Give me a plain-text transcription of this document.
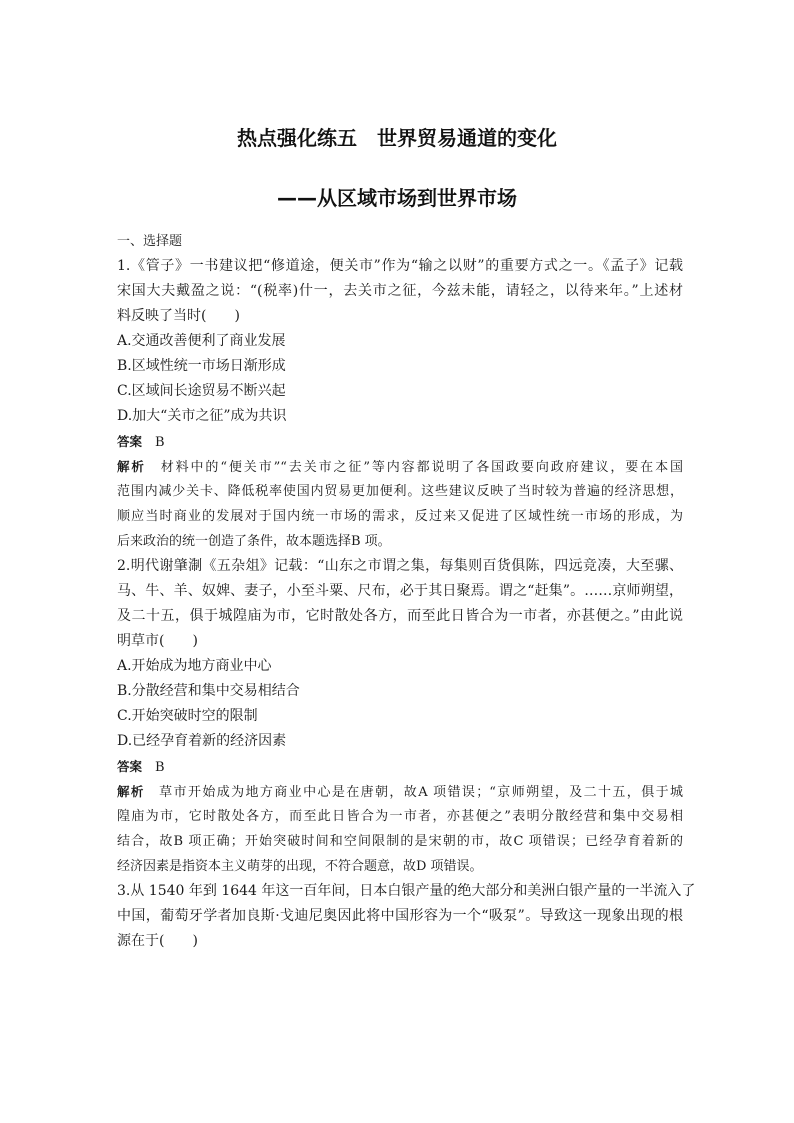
热点强化练五　世界贸易通道的变化
——从区域市场到世界市场
一、选择题
1.《管子》一书建议把“修道途，便关市”作为“输之以财”的重要方式之一。《孟子》记载
宋国大夫戴盈之说：“(税率)什一，去关市之征，今兹未能，请轻之，以待来年。”上述材
料反映了当时(　　)
A.交通改善便利了商业发展
B.区域性统一市场日渐形成
C.区域间长途贸易不断兴起
D.加大“关市之征”成为共识
答案 B
解析 材料中的“便关市”“去关市之征”等内容都说明了各国政要向政府建议，要在本国
范围内减少关卡、降低税率使国内贸易更加便利。这些建议反映了当时较为普遍的经济思想，
顺应当时商业的发展对于国内统一市场的需求，反过来又促进了区域性统一市场的形成，为
后来政治的统一创造了条件，故本题选择B 项。
2.明代谢肇淛《五杂俎》记载：“山东之市谓之集，每集则百货俱陈，四远竞凑，大至骡、
马、牛、羊、奴婢、妻子，小至斗粟、尺布，必于其日聚焉。谓之“赶集”。……京师朔望，
及二十五，俱于城隍庙为市，它时散处各方，而至此日皆合为一市者，亦甚便之。”由此说
明草市(　　)
A.开始成为地方商业中心
B.分散经营和集中交易相结合
C.开始突破时空的限制
D.已经孕育着新的经济因素
答案 B
解析 草市开始成为地方商业中心是在唐朝，故A 项错误；“京师朔望，及二十五，俱于城
隍庙为市，它时散处各方，而至此日皆合为一市者，亦甚便之”表明分散经营和集中交易相
结合，故B 项正确；开始突破时间和空间限制的是宋朝的市，故C 项错误；已经孕育着新的
经济因素是指资本主义萌芽的出现，不符合题意，故D 项错误。
3.从 1540 年到 1644 年这一百年间，日本白银产量的绝大部分和美洲白银产量的一半流入了
中国，葡萄牙学者加良斯·戈迪尼奥因此将中国形容为一个“吸泵”。导致这一现象出现的根
源在于(　　)
